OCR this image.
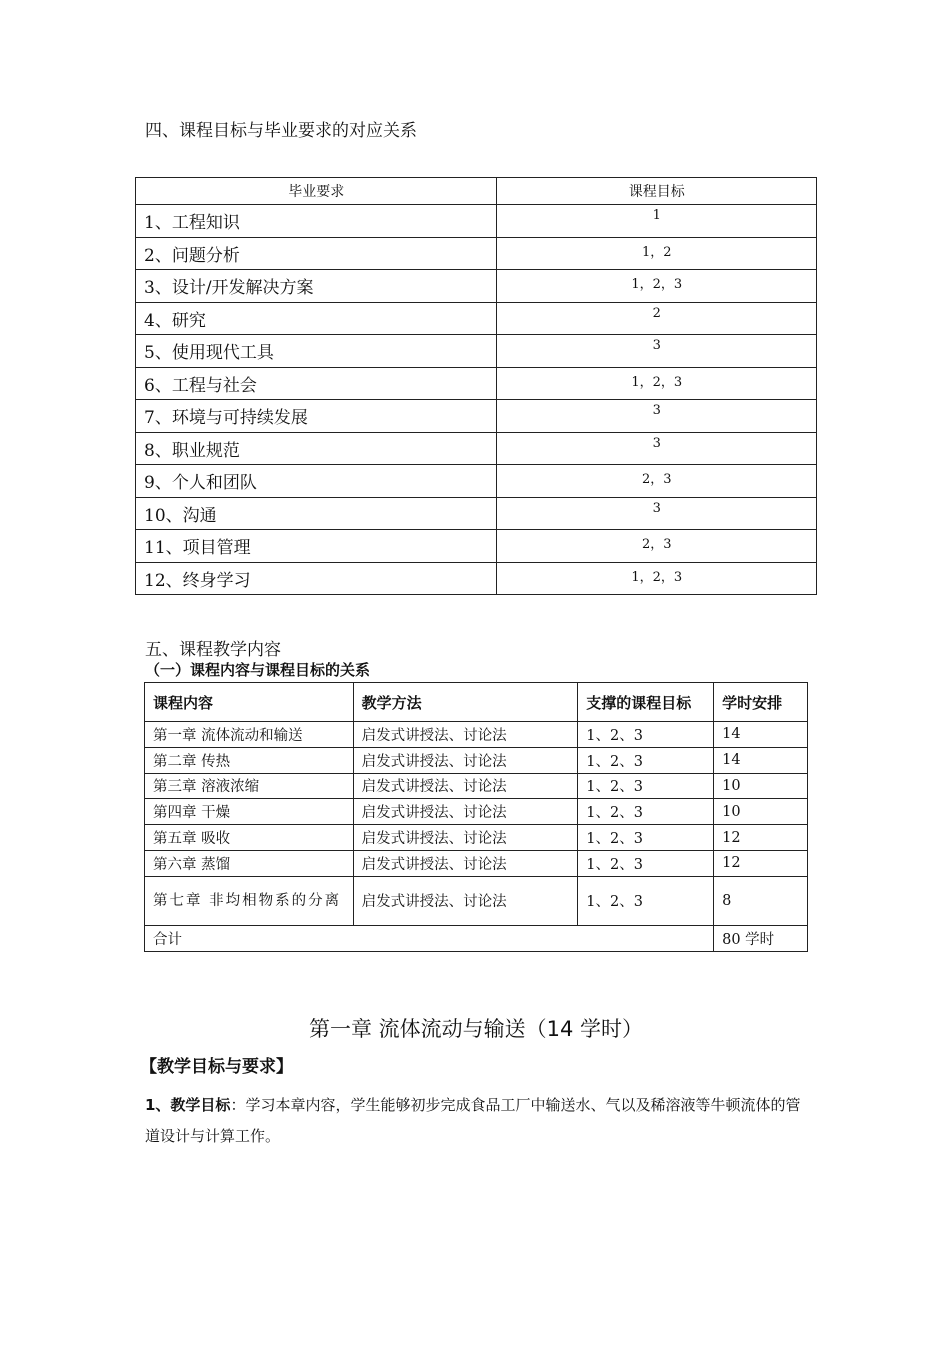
四、课程目标与毕业要求的对应关系
毕业要求	课程目标
1、工程知识	1
2、问题分析	1，2
3、设计/开发解决方案	1，2，3
4、研究	2
5、使用现代工具	3
6、工程与社会	1，2，3
7、环境与可持续发展	3
8、职业规范	3
9、个人和团队	2，3
10、沟通	3
11、项目管理	2，3
12、终身学习	1，2，3
五、课程教学内容
（一）课程内容与课程目标的关系
课程内容	教学方法	支撑的课程目标	学时安排
第一章 流体流动和输送	启发式讲授法、讨论法	1、2、3	14
第二章 传热	启发式讲授法、讨论法	1、2、3	14
第三章 溶液浓缩	启发式讲授法、讨论法	1、2、3	10
第四章 干燥	启发式讲授法、讨论法	1、2、3	10
第五章 吸收	启发式讲授法、讨论法	1、2、3	12
第六章 蒸馏	启发式讲授法、讨论法	1、2、3	12
第七章 非均相物系的分离	启发式讲授法、讨论法	1、2、3	8
合计			80 学时
第一章 流体流动与输送（14 学时）
【教学目标与要求】
1、教学目标：学习本章内容，学生能够初步完成食品工厂中输送水、气以及稀溶液等牛顿流体的管道设计与计算工作。
